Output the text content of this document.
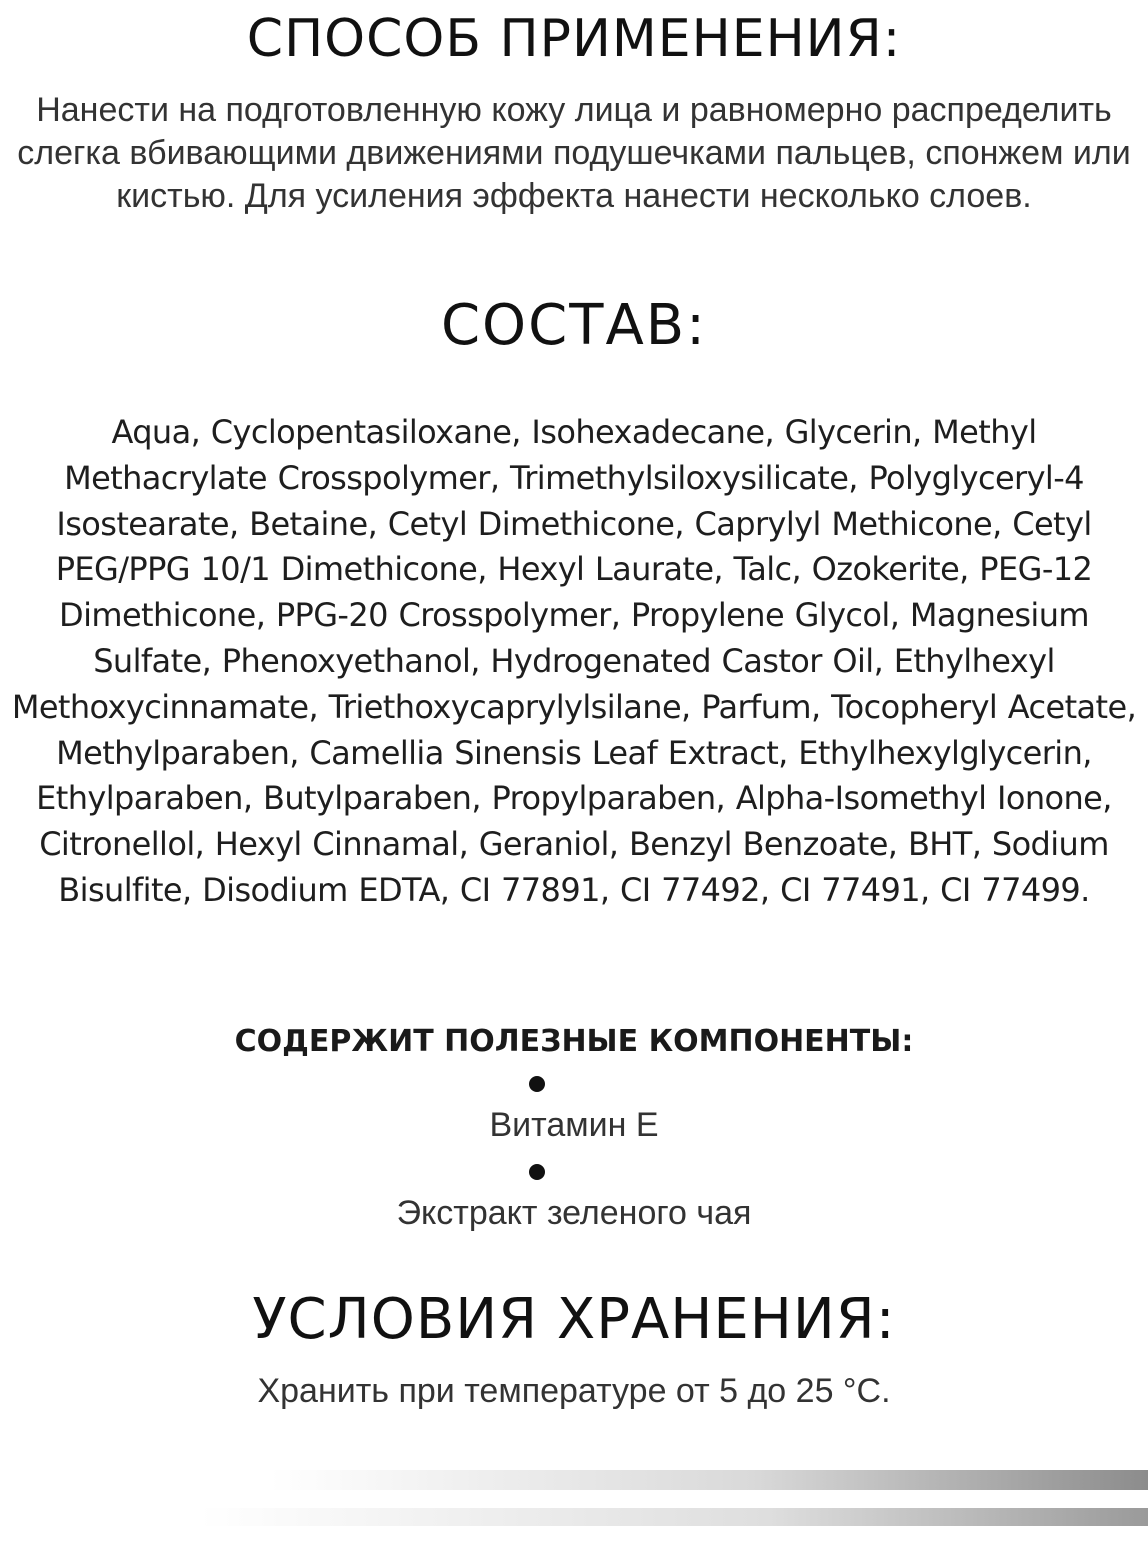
СПОСОБ ПРИМЕНЕНИЯ:

Нанести на подготовленную кожу лица и равномерно распределить слегка вбивающими движениями подушечками пальцев, спонжем или кистью. Для усиления эффекта нанести несколько слоев.

СОСТАВ:

Aqua, Cyclopentasiloxane, Isohexadecane, Glycerin, Methyl Methacrylate Crosspolymer, Trimethylsiloxysilicate, Polyglyceryl-4 Isostearate, Betaine, Cetyl Dimethicone, Caprylyl Methicone, Cetyl PEG/PPG 10/1 Dimethicone, Hexyl Laurate, Talc, Ozokerite, PEG-12 Dimethicone, PPG-20 Crosspolymer, Propylene Glycol, Magnesium Sulfate, Phenoxyethanol, Hydrogenated Castor Oil, Ethylhexyl Methoxycinnamate, Triethoxycaprylylsilane, Parfum, Tocopheryl Acetate, Methylparaben, Camellia Sinensis Leaf Extract, Ethylhexylglycerin, Ethylparaben, Butylparaben, Propylparaben, Alpha-Isomethyl Ionone, Citronellol, Hexyl Cinnamal, Geraniol, Benzyl Benzoate, BHT, Sodium Bisulfite, Disodium EDTA, CI 77891, CI 77492, CI 77491, CI 77499.

СОДЕРЖИТ ПОЛЕЗНЫЕ КОМПОНЕНТЫ:
Витамин Е
Экстракт зеленого чая
УСЛОВИЯ ХРАНЕНИЯ:

Хранить при температуре от 5 до 25 °С.
